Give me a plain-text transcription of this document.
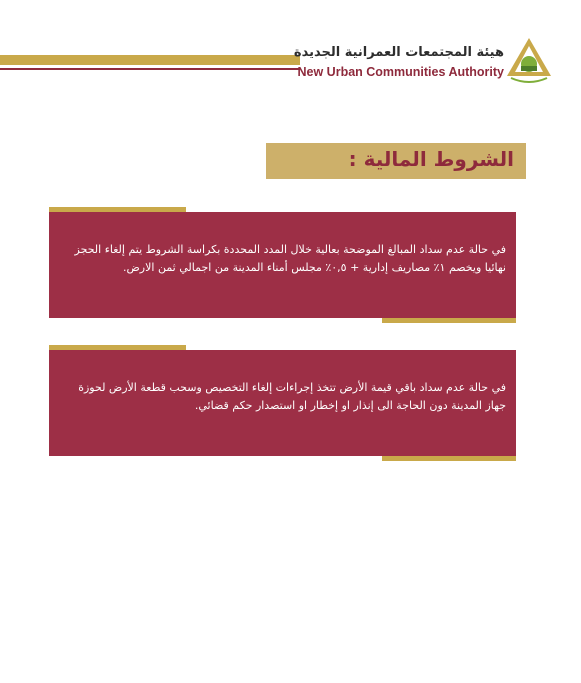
هيئة المجتمعات العمرانية الجديدة
New Urban Communities Authority
الشروط المالية :
في حالة عدم سداد المبالغ الموضحة بعالية خلال المدد المحددة بكراسة الشروط يتم إلغاء الحجز نهائيا ويخصم ١٪ مصاريف إدارية + ٠,٥٪ مجلس أمناء المدينة من اجمالي ثمن الارض.
في حالة عدم سداد باقي قيمة الأرض تتخذ إجراءات إلغاء التخصيص وسحب قطعة الأرض لحوزة جهاز المدينة دون الحاجة الى إنذار او إخطار او استصدار حكم قضائي.
